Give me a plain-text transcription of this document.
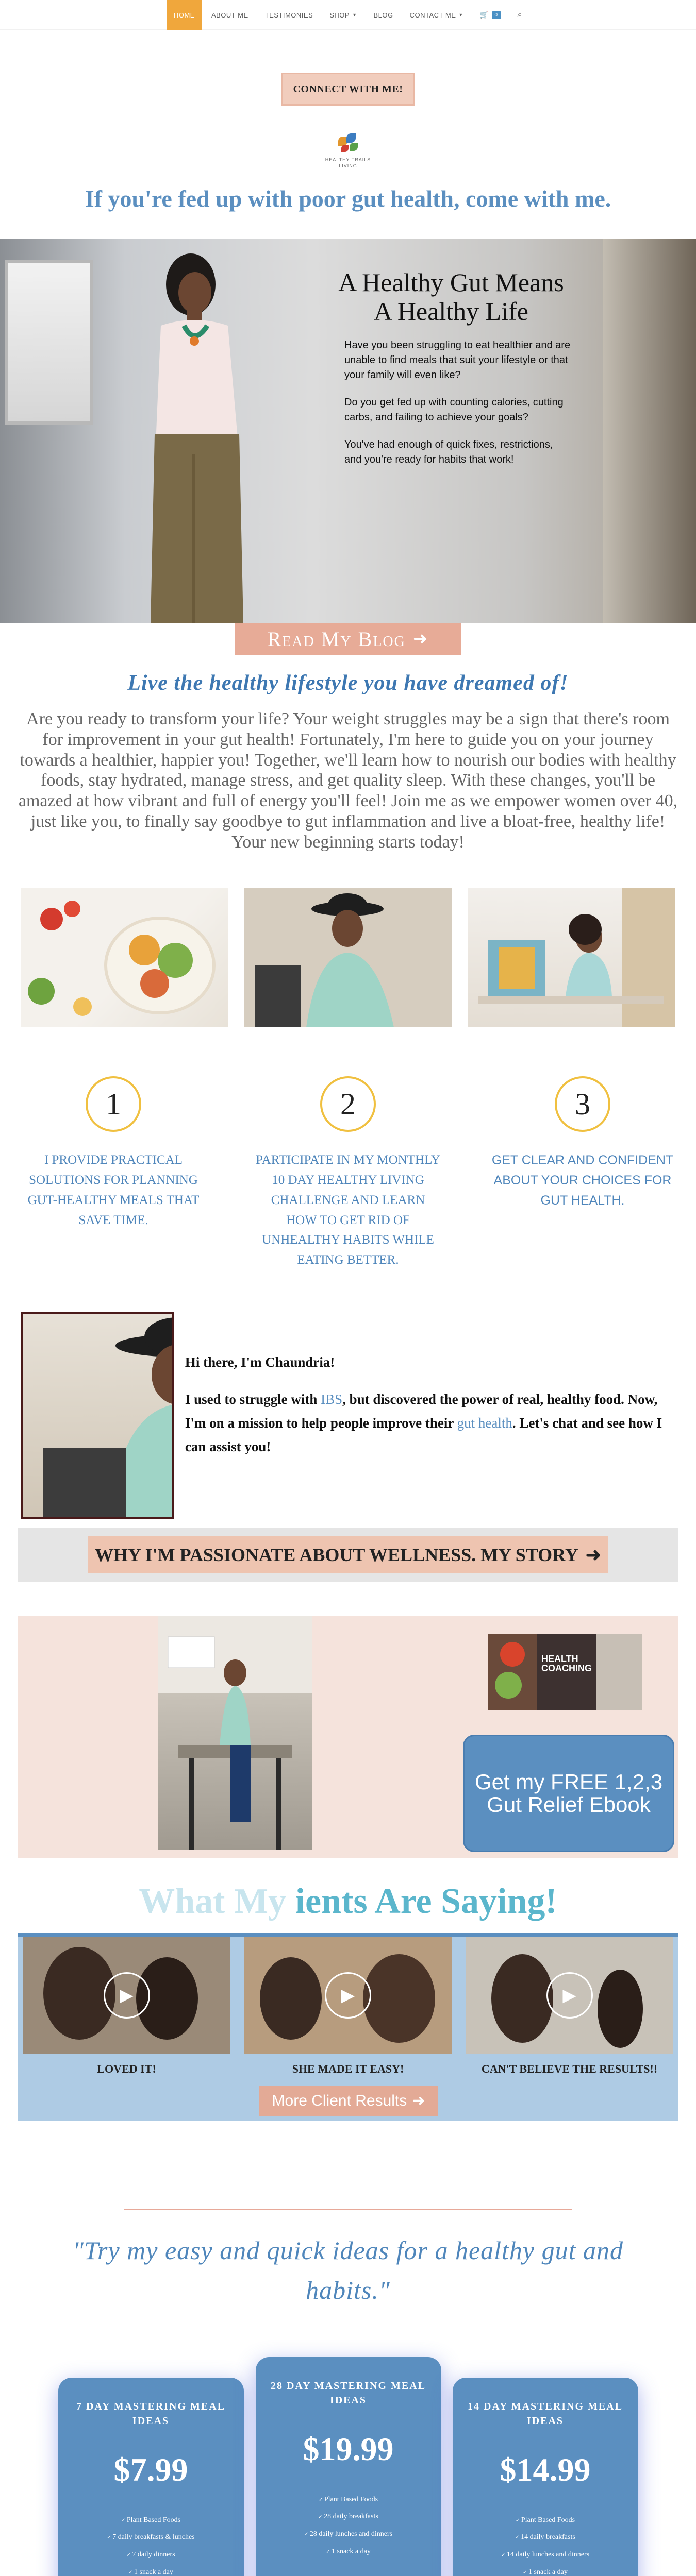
HOME	ABOUT ME	TESTIMONIES	SHOP ▼	BLOG	CONTACT ME ▼ 🛒	0	⌕
CONNECT WITH ME!
HEALTHY TRAILS
LIVING
If you're fed up with poor gut health, come with me.
A Healthy Gut Means
A Healthy Life

Have you been struggling to eat healthier and are unable to find meals that suit your lifestyle or that your family will even like?

Do you get fed up with counting calories, cutting carbs, and failing to achieve your goals?

You've had enough of quick fixes, restrictions, and you're ready for habits that work!

Read My Blog ➜
Live the healthy lifestyle you have dreamed of!

Are you ready to transform your life? Your weight struggles may be a sign that there's room for improvement in your gut health! Fortunately, I'm here to guide you on your journey towards a healthier, happier you! Together, we'll learn how to nourish our bodies with healthy foods, stay hydrated, manage stress, and get quality sleep. With these changes, you'll be amazed at how vibrant and full of energy you'll feel! Join me as we empower women over 40, just like you, to finally say goodbye to gut inflammation and live a bloat-free, healthy life! Your new beginning starts today!

1

I PROVIDE PRACTICAL SOLUTIONS FOR PLANNING GUT-HEALTHY MEALS THAT SAVE TIME.

2

PARTICIPATE IN MY MONTHLY 10 DAY HEALTHY LIVING CHALLENGE AND LEARN HOW TO GET RID OF UNHEALTHY HABITS WHILE EATING BETTER.

3

GET CLEAR AND CONFIDENT ABOUT YOUR CHOICES FOR GUT HEALTH.

Hi there, I'm Chaundria!

I used to struggle with IBS, but discovered the power of real, healthy food. Now, I'm on a mission to help people improve their gut health. Let's chat and see how I can assist you!

WHY I'M PASSIONATE ABOUT WELLNESS. MY STORY ➜
HEALTH
COACHING
Get my FREE 1,2,3 Gut Relief Ebook
What My ients Are Saying!
▶	▶	▶
LOVED IT!	SHE MADE IT EASY!	CAN'T BELIEVE THE RESULTS!!
More Client Results ➜

"Try my easy and quick ideas for a healthy gut and habits."

7 DAY MASTERING MEAL IDEAS
$7.99
✓ Plant Based Foods
✓ 7 daily breakfasts & lunches
✓ 7 daily dinners
✓ 1 snack a day
28 DAY MASTERING MEAL IDEAS
$19.99
✓ Plant Based Foods
✓ 28 daily breakfasts
✓ 28 daily lunches and dinners
✓ 1 snack a day
14 DAY MASTERING MEAL IDEAS
$14.99
✓ Plant Based Foods
✓ 14 daily breakfasts
✓ 14 daily lunches and dinners
✓ 1 snack a day
